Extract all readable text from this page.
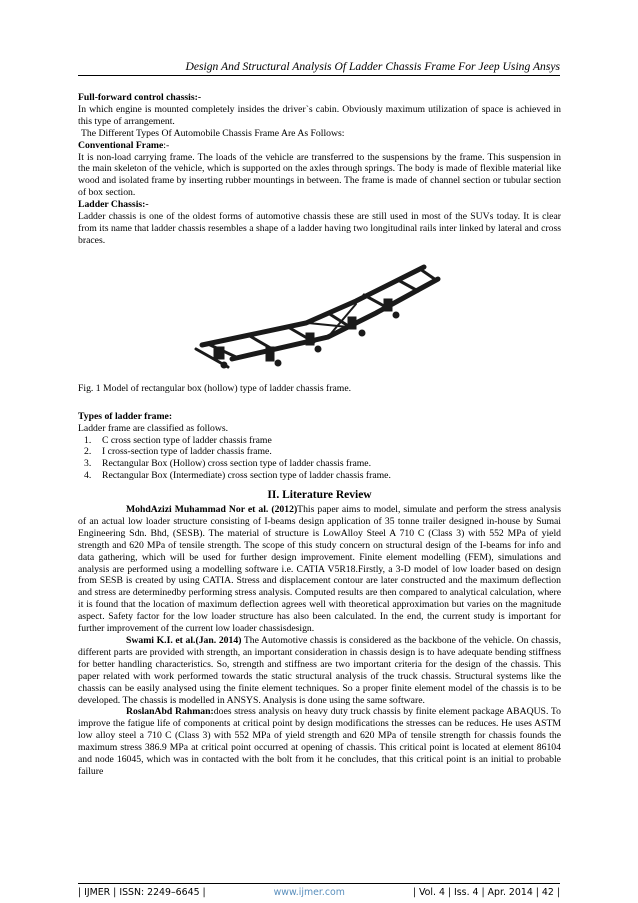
Design And Structural Analysis Of Ladder Chassis Frame For Jeep Using Ansys

Full-forward control chassis:-

In which engine is mounted completely insides the driver`s cabin. Obviously maximum utilization of space is achieved in this type of arrangement.

The Different Types Of Automobile Chassis Frame Are As Follows:

Conventional Frame:-

It is non-load carrying frame. The loads of the vehicle are transferred to the suspensions by the frame. This suspension in the main skeleton of the vehicle, which is supported on the axles through springs. The body is made of flexible material like wood and isolated frame by inserting rubber mountings in between. The frame is made of channel section or tubular section of box section.

Ladder Chassis:-

Ladder chassis is one of the oldest forms of automotive chassis these are still used in most of the SUVs today. It is clear from its name that ladder chassis resembles a shape of a ladder having two longitudinal rails inter linked by lateral and cross braces.

Fig. 1 Model of rectangular box (hollow) type of ladder chassis frame.

Types of ladder frame:

Ladder frame are classified as follows.

1. C cross section type of ladder chassis frame
2. I cross-section type of ladder chassis frame.
3. Rectangular Box (Hollow) cross section type of ladder chassis frame.
4. Rectangular Box (Intermediate) cross section type of ladder chassis frame.
II. Literature Review

MohdAzizi Muhammad Nor et al. (2012)This paper aims to model, simulate and perform the stress analysis of an actual low loader structure consisting of I-beams design application of 35 tonne trailer designed in-house by Sumai Engineering Sdn. Bhd, (SESB). The material of structure is LowAlloy Steel A 710 C (Class 3) with 552 MPa of yield strength and 620 MPa of tensile strength. The scope of this study concern on structural design of the I-beams for info and data gathering, which will be used for further design improvement. Finite element modelling (FEM), simulations and analysis are performed using a modelling software i.e. CATIA V5R18.Firstly, a 3-D model of low loader based on design from SESB is created by using CATIA. Stress and displacement contour are later constructed and the maximum deflection and stress are determinedby performing stress analysis. Computed results are then compared to analytical calculation, where it is found that the location of maximum deflection agrees well with theoretical approximation but varies on the magnitude aspect. Safety factor for the low loader structure has also been calculated. In the end, the current study is important for further improvement of the current low loader chassisdesign.

Swami K.I. et al.(Jan. 2014) The Automotive chassis is considered as the backbone of the vehicle. On chassis, different parts are provided with strength, an important consideration in chassis design is to have adequate bending stiffness for better handling characteristics. So, strength and stiffness are two important criteria for the design of the chassis. This paper related with work performed towards the static structural analysis of the truck chassis. Structural systems like the chassis can be easily analysed using the finite element techniques. So a proper finite element model of the chassis is to be developed. The chassis is modelled in ANSYS. Analysis is done using the same software.

RoslanAbd Rahman:does stress analysis on heavy duty truck chassis by finite element package ABAQUS. To improve the fatigue life of components at critical point by design modifications the stresses can be reduces. He uses ASTM low alloy steel a 710 C (Class 3) with 552 MPa of yield strength and 620 MPa of tensile strength for chassis founds the maximum stress 386.9 MPa at critical point occurred at opening of chassis. This critical point is located at element 86104 and node 16045, which was in contacted with the bolt from it he concludes, that this critical point is an initial to probable failure

| IJMER | ISSN: 2249–6645 |	www.ijmer.com	| Vol. 4 | Iss. 4 | Apr. 2014 | 42 |
